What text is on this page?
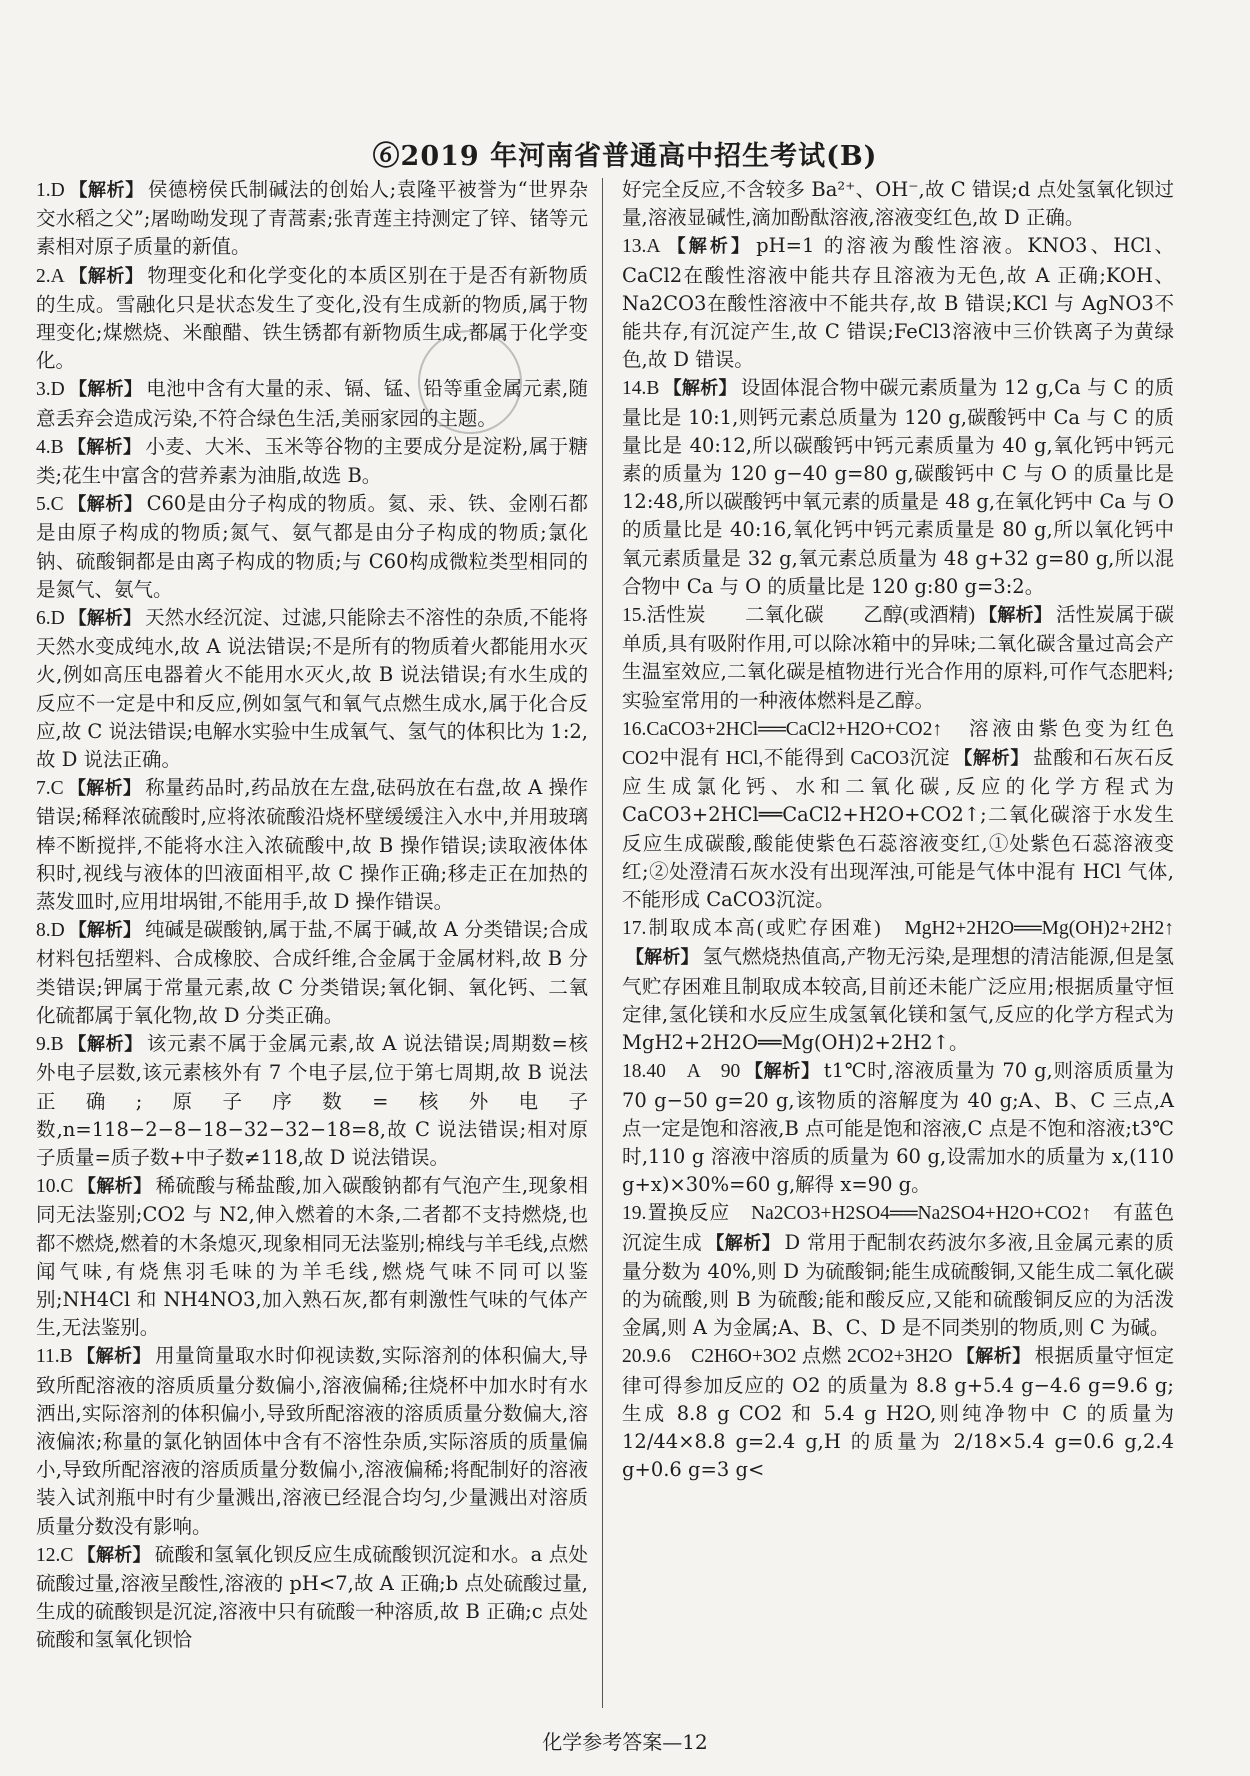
⑥2019 年河南省普通高中招生考试(B)
1.D 【解析】 侯德榜侯氏制碱法的创始人;袁隆平被誉为“世界杂交水稻之父”;屠呦呦发现了青蒿素;张青莲主持测定了锌、锗等元素相对原子质量的新值。
2.A 【解析】 物理变化和化学变化的本质区别在于是否有新物质的生成。雪融化只是状态发生了变化,没有生成新的物质,属于物理变化;煤燃烧、米酿醋、铁生锈都有新物质生成,都属于化学变化。
3.D 【解析】 电池中含有大量的汞、镉、锰、铅等重金属元素,随意丢弃会造成污染,不符合绿色生活,美丽家园的主题。
4.B 【解析】 小麦、大米、玉米等谷物的主要成分是淀粉,属于糖类;花生中富含的营养素为油脂,故选 B。
5.C 【解析】 C60是由分子构成的物质。氦、汞、铁、金刚石都是由原子构成的物质;氮气、氨气都是由分子构成的物质;氯化钠、硫酸铜都是由离子构成的物质;与 C60构成微粒类型相同的是氮气、氨气。
6.D 【解析】 天然水经沉淀、过滤,只能除去不溶性的杂质,不能将天然水变成纯水,故 A 说法错误;不是所有的物质着火都能用水灭火,例如高压电器着火不能用水灭火,故 B 说法错误;有水生成的反应不一定是中和反应,例如氢气和氧气点燃生成水,属于化合反应,故 C 说法错误;电解水实验中生成氧气、氢气的体积比为 1:2,故 D 说法正确。
7.C 【解析】 称量药品时,药品放在左盘,砝码放在右盘,故 A 操作错误;稀释浓硫酸时,应将浓硫酸沿烧杯壁缓缓注入水中,并用玻璃棒不断搅拌,不能将水注入浓硫酸中,故 B 操作错误;读取液体体积时,视线与液体的凹液面相平,故 C 操作正确;移走正在加热的蒸发皿时,应用坩埚钳,不能用手,故 D 操作错误。
8.D 【解析】 纯碱是碳酸钠,属于盐,不属于碱,故 A 分类错误;合成材料包括塑料、合成橡胶、合成纤维,合金属于金属材料,故 B 分类错误;钾属于常量元素,故 C 分类错误;氧化铜、氧化钙、二氧化硫都属于氧化物,故 D 分类正确。
9.B 【解析】 该元素不属于金属元素,故 A 说法错误;周期数=核外电子层数,该元素核外有 7 个电子层,位于第七周期,故 B 说法正确;原子序数=核外电子数,n=118−2−8−18−32−32−18=8,故 C 说法错误;相对原子质量=质子数+中子数≠118,故 D 说法错误。
10.C 【解析】 稀硫酸与稀盐酸,加入碳酸钠都有气泡产生,现象相同无法鉴别;CO2 与 N2,伸入燃着的木条,二者都不支持燃烧,也都不燃烧,燃着的木条熄灭,现象相同无法鉴别;棉线与羊毛线,点燃闻气味,有烧焦羽毛味的为羊毛线,燃烧气味不同可以鉴别;NH4Cl 和 NH4NO3,加入熟石灰,都有刺激性气味的气体产生,无法鉴别。
11.B 【解析】 用量筒量取水时仰视读数,实际溶剂的体积偏大,导致所配溶液的溶质质量分数偏小,溶液偏稀;往烧杯中加水时有水洒出,实际溶剂的体积偏小,导致所配溶液的溶质质量分数偏大,溶液偏浓;称量的氯化钠固体中含有不溶性杂质,实际溶质的质量偏小,导致所配溶液的溶质质量分数偏小,溶液偏稀;将配制好的溶液装入试剂瓶中时有少量溅出,溶液已经混合均匀,少量溅出对溶质质量分数没有影响。
12.C 【解析】 硫酸和氢氧化钡反应生成硫酸钡沉淀和水。a 点处硫酸过量,溶液呈酸性,溶液的 pH<7,故 A 正确;b 点处硫酸过量,生成的硫酸钡是沉淀,溶液中只有硫酸一种溶质,故 B 正确;c 点处硫酸和氢氧化钡恰
好完全反应,不含较多 Ba²⁺、OH⁻,故 C 错误;d 点处氢氧化钡过量,溶液显碱性,滴加酚酞溶液,溶液变红色,故 D 正确。
13.A 【解析】 pH=1 的溶液为酸性溶液。KNO3、HCl、CaCl2在酸性溶液中能共存且溶液为无色,故 A 正确;KOH、Na2CO3在酸性溶液中不能共存,故 B 错误;KCl 与 AgNO3不能共存,有沉淀产生,故 C 错误;FeCl3溶液中三价铁离子为黄绿色,故 D 错误。
14.B 【解析】 设固体混合物中碳元素质量为 12 g,Ca 与 C 的质量比是 10:1,则钙元素总质量为 120 g,碳酸钙中 Ca 与 C 的质量比是 40:12,所以碳酸钙中钙元素质量为 40 g,氧化钙中钙元素的质量为 120 g−40 g=80 g,碳酸钙中 C 与 O 的质量比是 12:48,所以碳酸钙中氧元素的质量是 48 g,在氧化钙中 Ca 与 O 的质量比是 40:16,氧化钙中钙元素质量是 80 g,所以氧化钙中氧元素质量是 32 g,氧元素总质量为 48 g+32 g=80 g,所以混合物中 Ca 与 O 的质量比是 120 g:80 g=3:2。
15.活性炭　　二氧化碳　　乙醇(或酒精) 【解析】 活性炭属于碳单质,具有吸附作用,可以除冰箱中的异味;二氧化碳含量过高会产生温室效应,二氧化碳是植物进行光合作用的原料,可作气态肥料;实验室常用的一种液体燃料是乙醇。
16.CaCO3+2HCl══CaCl2+H2O+CO2↑　溶液由紫色变为红色　CO2中混有 HCl,不能得到 CaCO3沉淀 【解析】 盐酸和石灰石反应生成氯化钙、水和二氧化碳,反应的化学方程式为 CaCO3+2HCl══CaCl2+H2O+CO2↑;二氧化碳溶于水发生反应生成碳酸,酸能使紫色石蕊溶液变红,①处紫色石蕊溶液变红;②处澄清石灰水没有出现浑浊,可能是气体中混有 HCl 气体,不能形成 CaCO3沉淀。
17.制取成本高(或贮存困难)　MgH2+2H2O══Mg(OH)2+2H2↑【解析】 氢气燃烧热值高,产物无污染,是理想的清洁能源,但是氢气贮存困难且制取成本较高,目前还未能广泛应用;根据质量守恒定律,氢化镁和水反应生成氢氧化镁和氢气,反应的化学方程式为 MgH2+2H2O══Mg(OH)2+2H2↑。
18.40　A　90 【解析】 t1℃时,溶液质量为 70 g,则溶质质量为 70 g−50 g=20 g,该物质的溶解度为 40 g;A、B、C 三点,A 点一定是饱和溶液,B 点可能是饱和溶液,C 点是不饱和溶液;t3℃时,110 g 溶液中溶质的质量为 60 g,设需加水的质量为 x,(110 g+x)×30%=60 g,解得 x=90 g。
19.置换反应　Na2CO3+H2SO4══Na2SO4+H2O+CO2↑　有蓝色沉淀生成 【解析】 D 常用于配制农药波尔多液,且金属元素的质量分数为 40%,则 D 为硫酸铜;能生成硫酸铜,又能生成二氧化碳的为硫酸,则 B 为硫酸;能和酸反应,又能和硫酸铜反应的为活泼金属,则 A 为金属;A、B、C、D 是不同类别的物质,则 C 为碱。
20.9.6　C2H6O+3O2 点燃 2CO2+3H2O 【解析】 根据质量守恒定律可得参加反应的 O2 的质量为 8.8 g+5.4 g−4.6 g=9.6 g;生成 8.8 g CO2 和 5.4 g H2O,则纯净物中 C 的质量为 12/44×8.8 g=2.4 g,H 的质量为 2/18×5.4 g=0.6 g,2.4 g+0.6 g=3 g<
化学参考答案—12
